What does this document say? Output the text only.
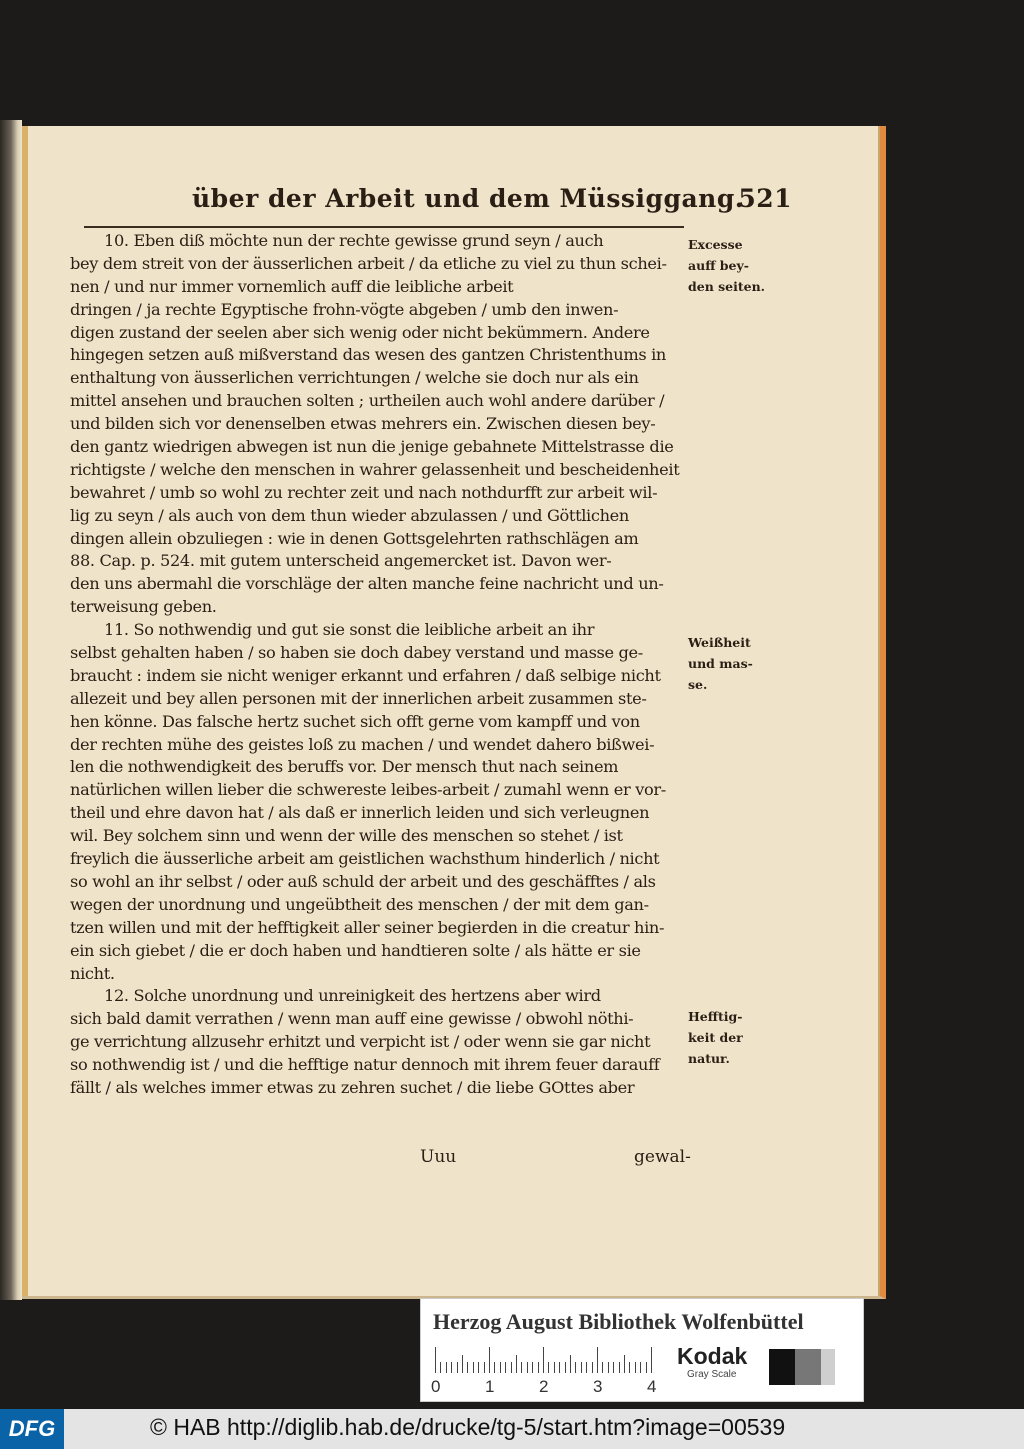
über der Arbeit und dem Müssiggang.
521
10. Eben diß möchte nun der rechte gewisse grund seyn / auch
bey dem streit von der äusserlichen arbeit / da etliche zu viel zu thun schei-
nen / und nur immer vornemlich auff die leibliche arbeit
dringen / ja rechte Egyptische frohn-vögte abgeben / umb den inwen-
digen zustand der seelen aber sich wenig oder nicht bekümmern. Andere
hingegen setzen auß mißverstand das wesen des gantzen Christenthums in
enthaltung von äusserlichen verrichtungen / welche sie doch nur als ein
mittel ansehen und brauchen solten ; urtheilen auch wohl andere darüber /
und bilden sich vor denenselben etwas mehrers ein. Zwischen diesen bey-
den gantz wiedrigen abwegen ist nun die jenige gebahnete Mittelstrasse die
richtigste / welche den menschen in wahrer gelassenheit und bescheidenheit
bewahret / umb so wohl zu rechter zeit und nach nothdurfft zur arbeit wil-
lig zu seyn / als auch von dem thun wieder abzulassen / und Göttlichen
dingen allein obzuliegen : wie in denen Gottsgelehrten rathschlägen am
88. Cap. p. 524. mit gutem unterscheid angemercket ist. Davon wer-
den uns abermahl die vorschläge der alten manche feine nachricht und un-
terweisung geben.
11. So nothwendig und gut sie sonst die leibliche arbeit an ihr
selbst gehalten haben / so haben sie doch dabey verstand und masse ge-
braucht : indem sie nicht weniger erkannt und erfahren / daß selbige nicht
allezeit und bey allen personen mit der innerlichen arbeit zusammen ste-
hen könne. Das falsche hertz suchet sich offt gerne vom kampff und von
der rechten mühe des geistes loß zu machen / und wendet dahero bißwei-
len die nothwendigkeit des beruffs vor. Der mensch thut nach seinem
natürlichen willen lieber die schwereste leibes-arbeit / zumahl wenn er vor-
theil und ehre davon hat / als daß er innerlich leiden und sich verleugnen
wil. Bey solchem sinn und wenn der wille des menschen so stehet / ist
freylich die äusserliche arbeit am geistlichen wachsthum hinderlich / nicht
so wohl an ihr selbst / oder auß schuld der arbeit und des geschäfftes / als
wegen der unordnung und ungeübtheit des menschen / der mit dem gan-
tzen willen und mit der hefftigkeit aller seiner begierden in die creatur hin-
ein sich giebet / die er doch haben und handtieren solte / als hätte er sie
nicht.
12. Solche unordnung und unreinigkeit des hertzens aber wird
sich bald damit verrathen / wenn man auff eine gewisse / obwohl nöthi-
ge verrichtung allzusehr erhitzt und verpicht ist / oder wenn sie gar nicht
so nothwendig ist / und die hefftige natur dennoch mit ihrem feuer darauff
fällt / als welches immer etwas zu zehren suchet / die liebe GOttes aber
Excesse
auff bey-
den seiten.
Weißheit
und mas-
se.
Hefftig-
keit der
natur.
Uuu	gewal-
Herzog August Bibliothek Wolfenbüttel
0	1	2	3	4
Kodak
Gray Scale
DFG	© HAB http://diglib.hab.de/drucke/tg-5/start.htm?image=00539
